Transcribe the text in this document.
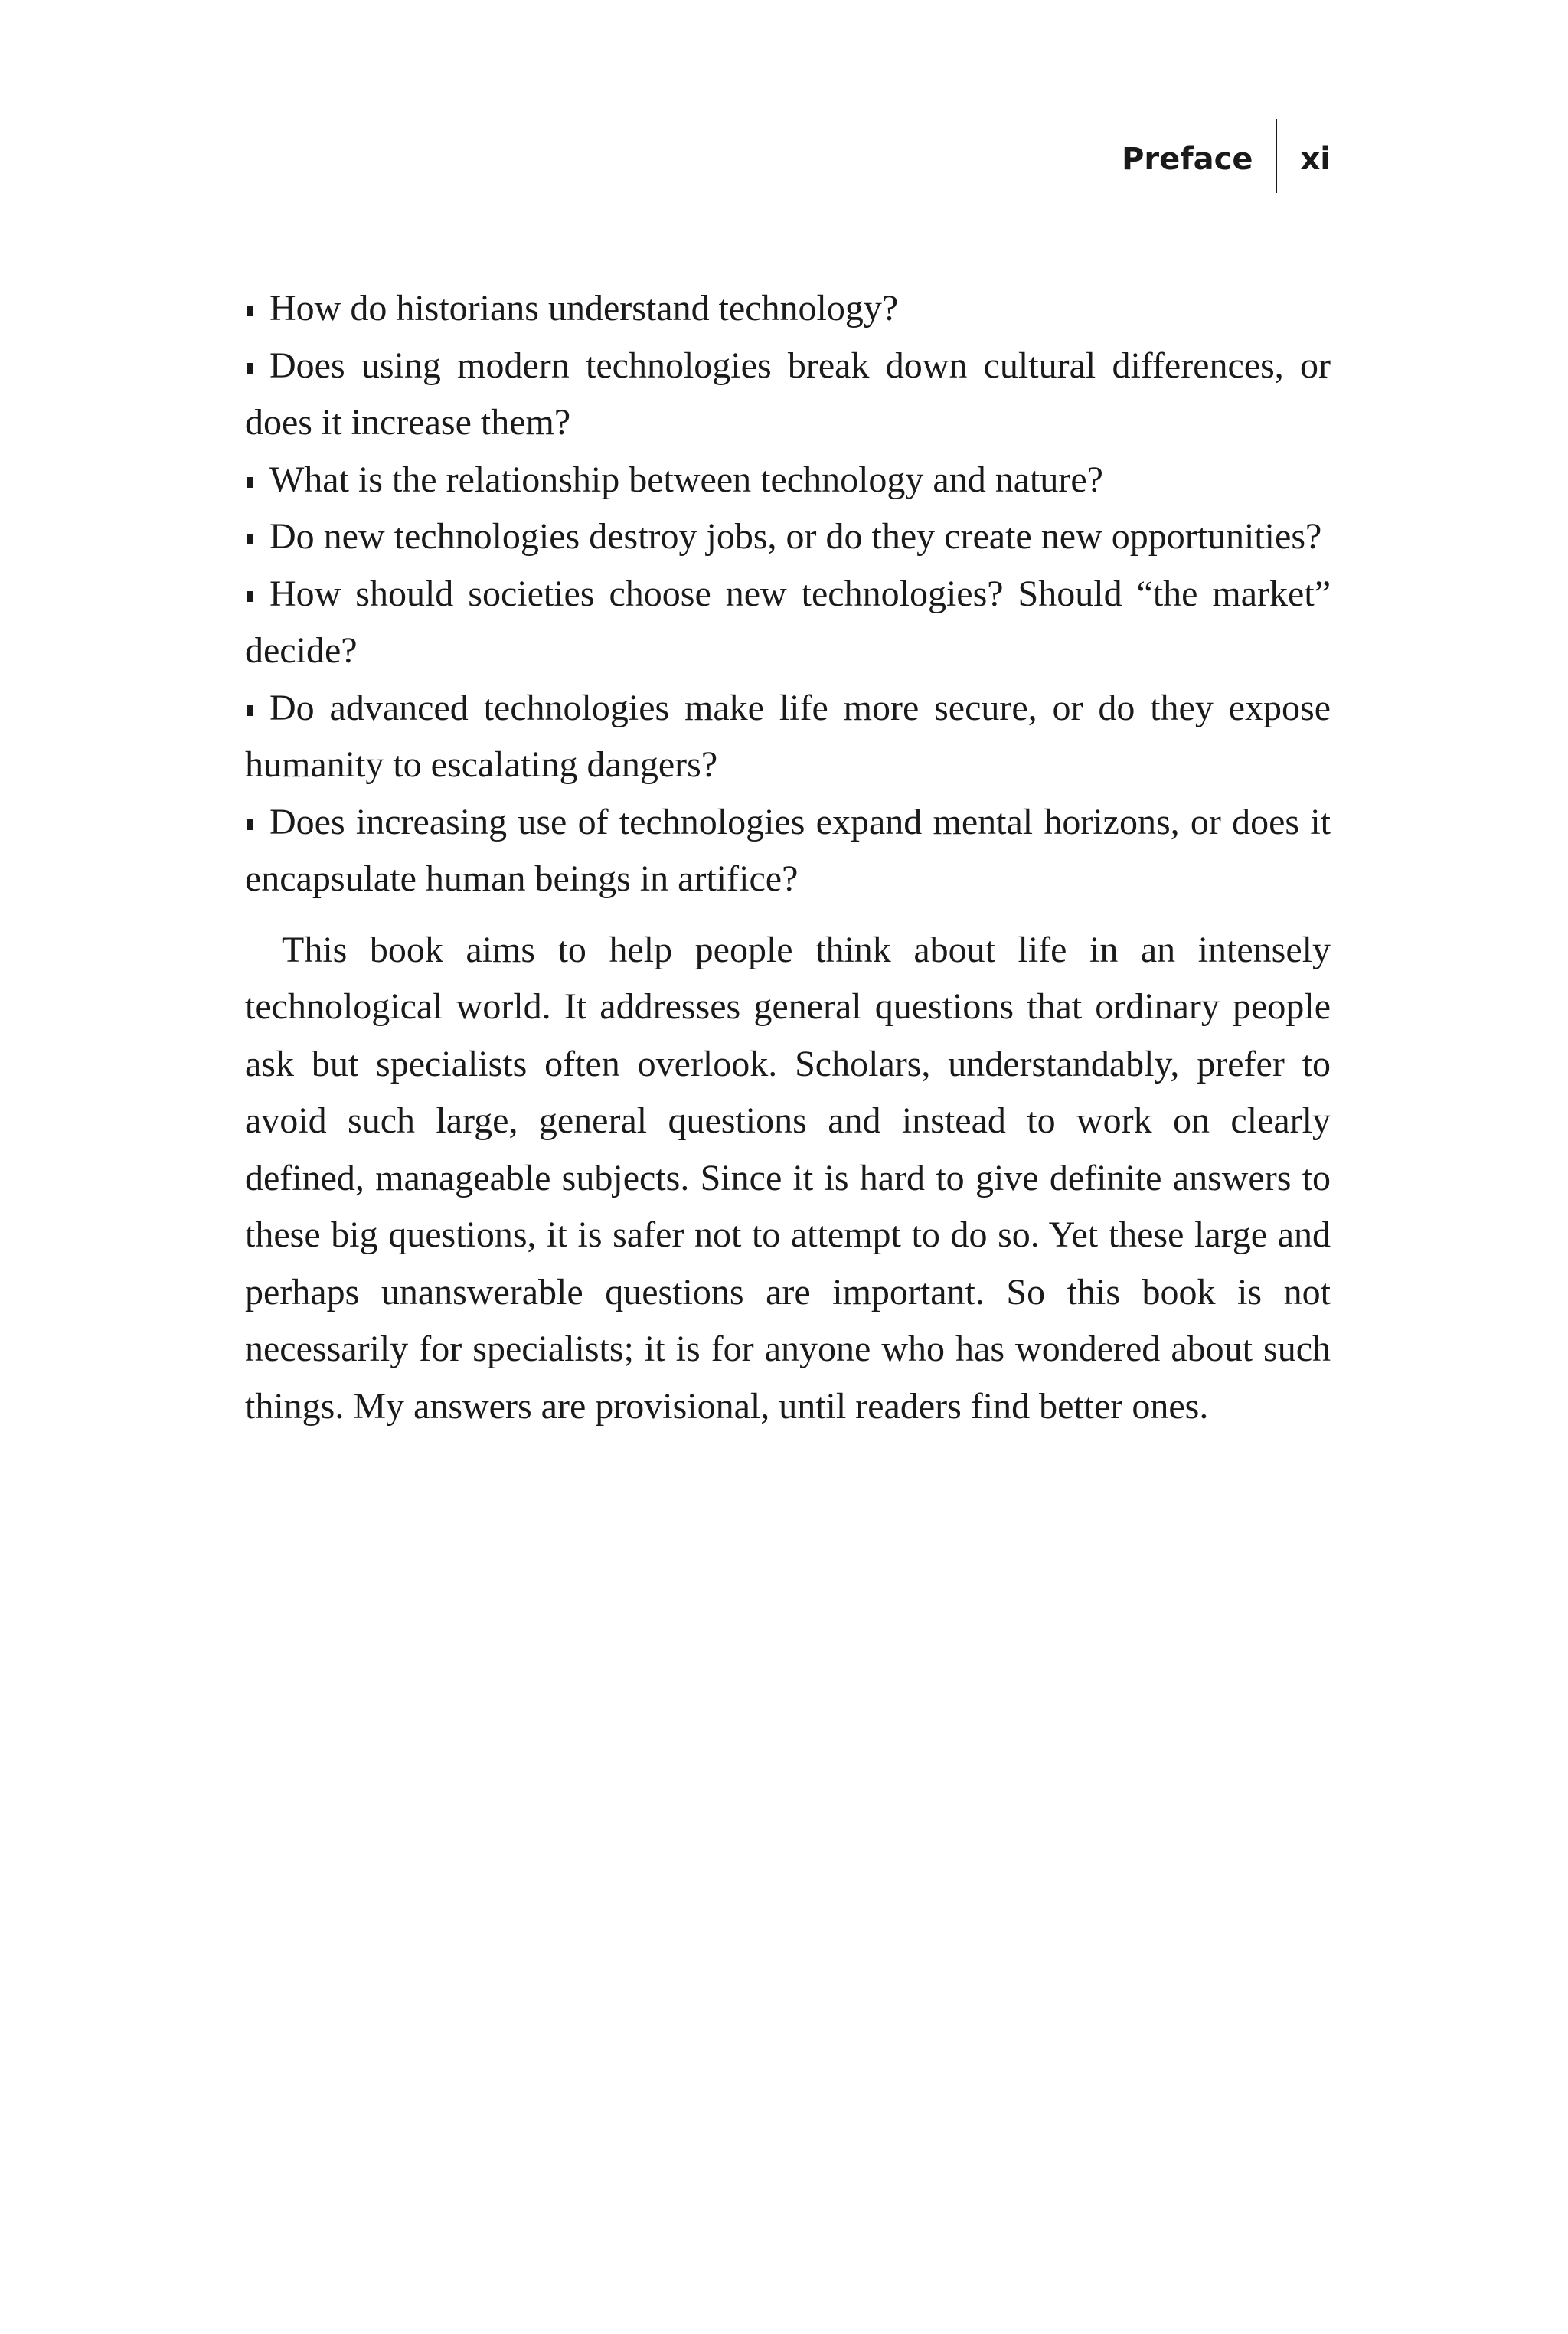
Preface	xi
How do historians understand technology?
Does using modern technologies break down cultural differences, or does it increase them?
What is the relationship between technology and nature?
Do new technologies destroy jobs, or do they create new opportunities?
How should societies choose new technologies? Should “the market” decide?
Do advanced technologies make life more secure, or do they expose humanity to escalating dangers?
Does increasing use of technologies expand mental horizons, or does it encapsulate human beings in artifice?

This book aims to help people think about life in an intensely technological world. It addresses general questions that ordinary people ask but specialists often overlook. Scholars, understandably, prefer to avoid such large, general questions and instead to work on clearly defined, manageable subjects. Since it is hard to give definite answers to these big questions, it is safer not to attempt to do so. Yet these large and perhaps unanswerable questions are important. So this book is not necessarily for specialists; it is for anyone who has wondered about such things. My answers are provisional, until readers find better ones.
